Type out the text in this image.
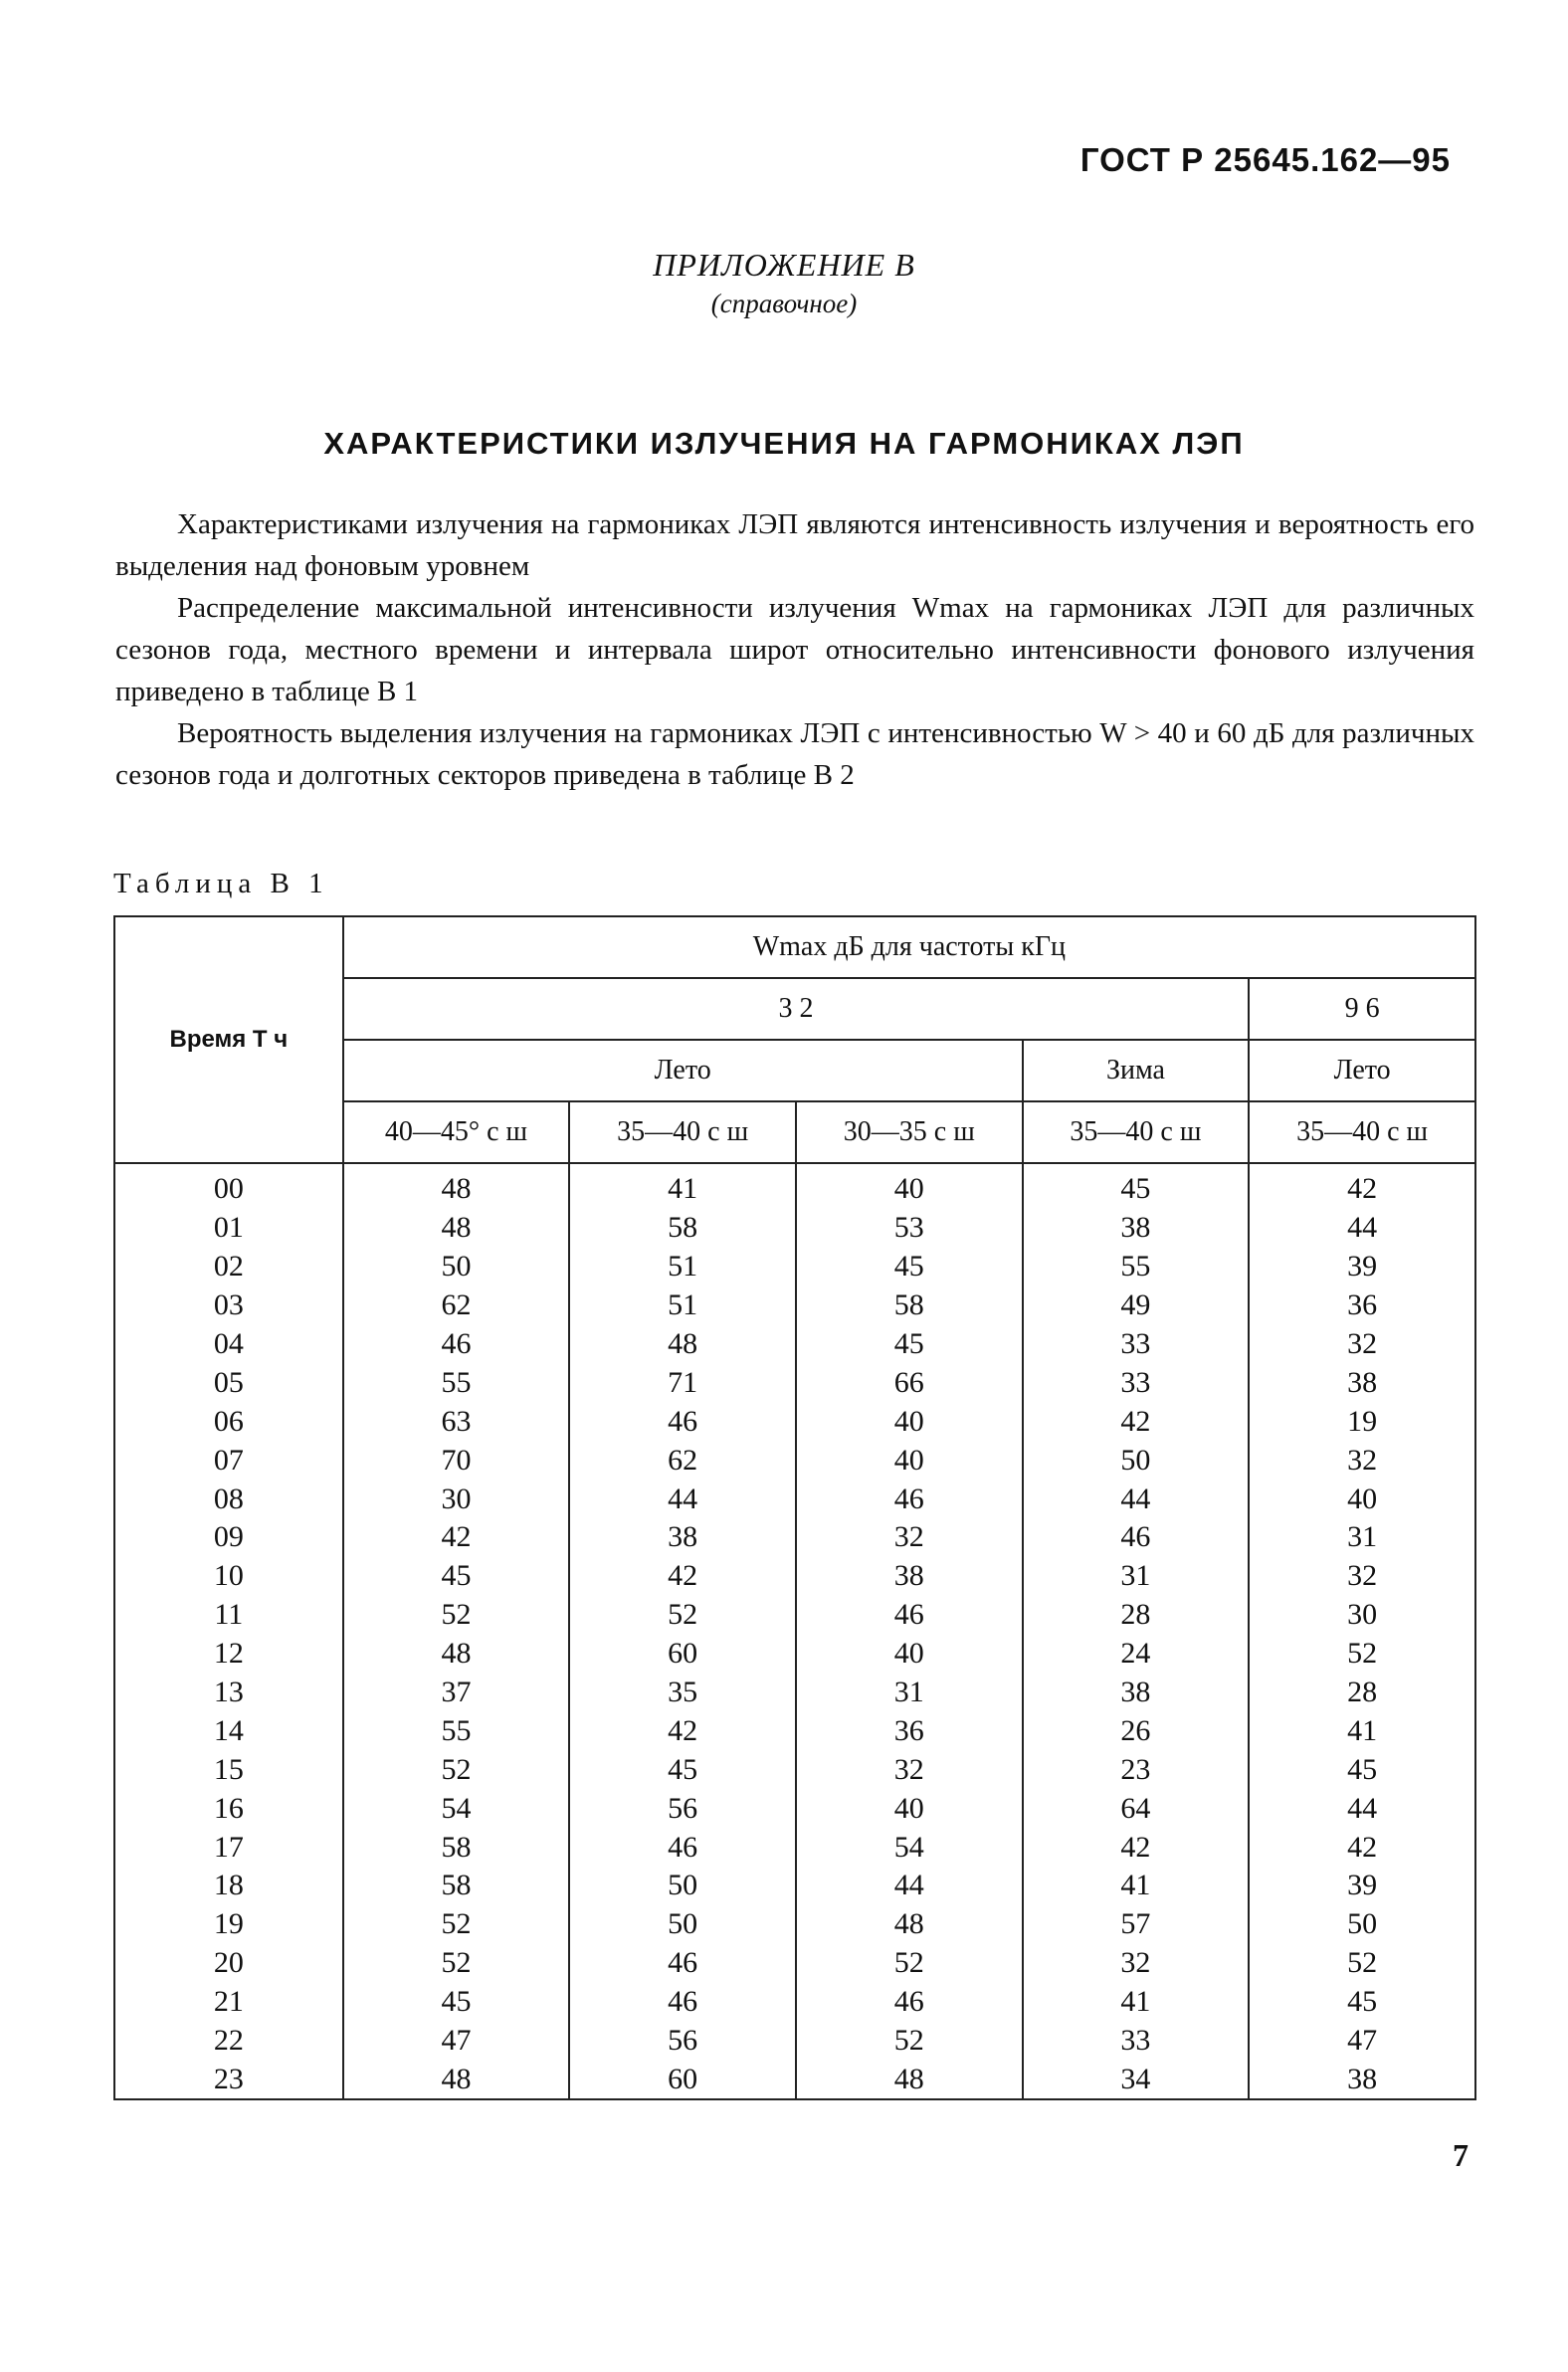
ГОСТ Р 25645.162—95
ПРИЛОЖЕНИЕ В
(справочное)
ХАРАКТЕРИСТИКИ ИЗЛУЧЕНИЯ НА ГАРМОНИКАХ ЛЭП

Характеристиками излучения на гармониках ЛЭП являются интенсивность излучения и вероятность его выделения над фоновым уровнем

Распределение максимальной интенсивности излучения Wmax на гармониках ЛЭП для различных сезонов года, местного времени и интервала широт относительно интенсивности фонового излучения приведено в таблице В 1

Вероятность выделения излучения на гармониках ЛЭП с интенсивностью W > 40 и 60 дБ для различных сезонов года и долготных секторов приведена в таблице В 2

Таблица В 1
Время T ч	Wmax дБ для частоты кГц				
	3 2				9 6
	Лето			Зима	Лето
	40—45° с ш	35—40 с ш	30—35 с ш	35—40 с ш	35—40 с ш
00	48	41	40	45	42
01	48	58	53	38	44
02	50	51	45	55	39
03	62	51	58	49	36
04	46	48	45	33	32
05	55	71	66	33	38
06	63	46	40	42	19
07	70	62	40	50	32
08	30	44	46	44	40
09	42	38	32	46	31
10	45	42	38	31	32
11	52	52	46	28	30
12	48	60	40	24	52
13	37	35	31	38	28
14	55	42	36	26	41
15	52	45	32	23	45
16	54	56	40	64	44
17	58	46	54	42	42
18	58	50	44	41	39
19	52	50	48	57	50
20	52	46	52	32	52
21	45	46	46	41	45
22	47	56	52	33	47
23	48	60	48	34	38
7
